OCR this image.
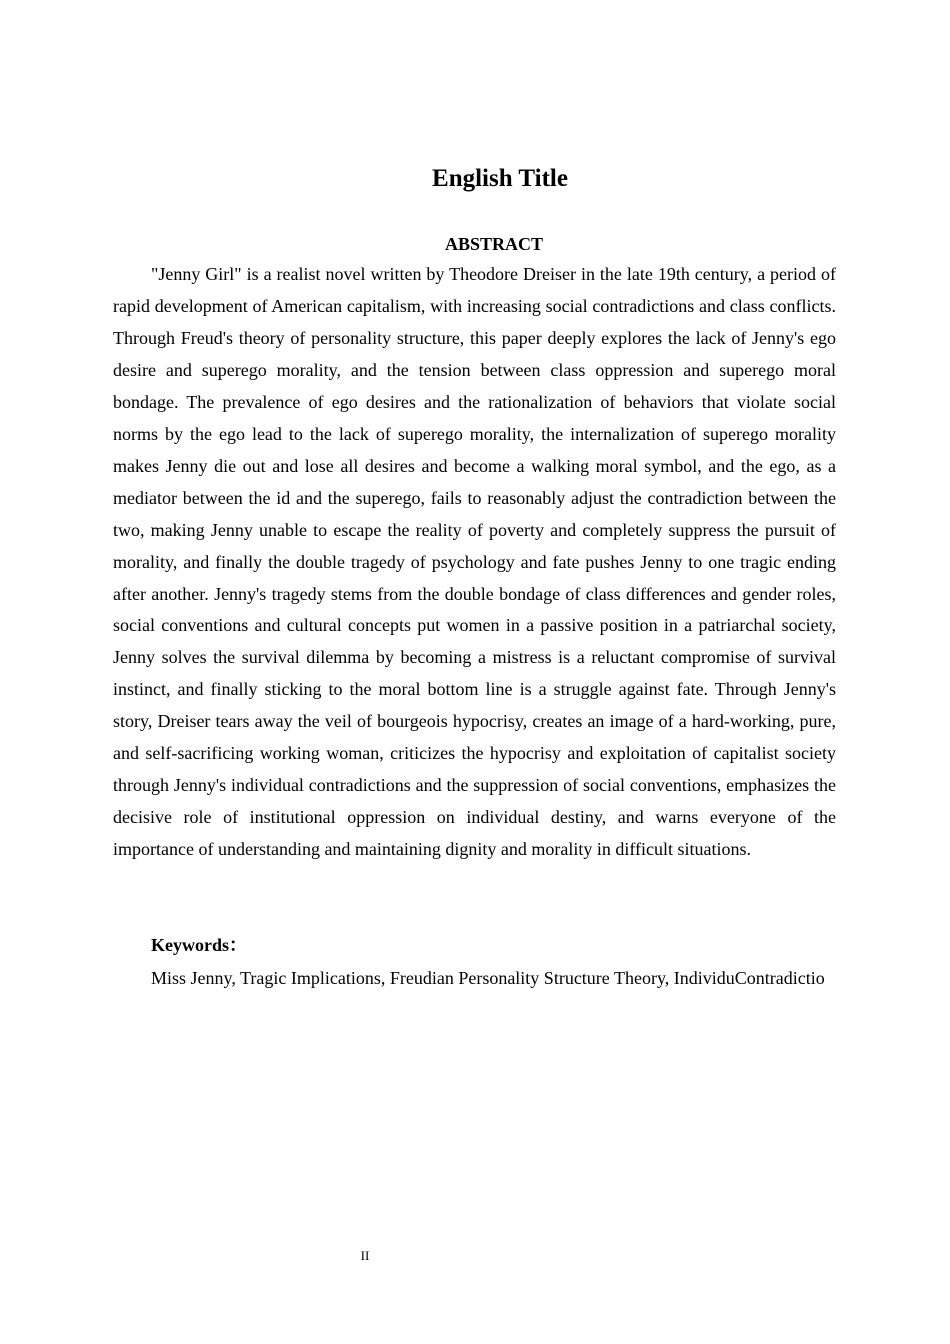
English Title
ABSTRACT

"Jenny Girl" is a realist novel written by Theodore Dreiser in the late 19th century, a period of rapid development of American capitalism, with increasing social contradictions and class conflicts. Through Freud's theory of personality structure, this paper deeply explores the lack of Jenny's ego desire and superego morality, and the tension between class oppression and superego moral bondage. The prevalence of ego desires and the rationalization of behaviors that violate social norms by the ego lead to the lack of superego morality, the internalization of superego morality makes Jenny die out and lose all desires and become a walking moral symbol, and the ego, as a mediator between the id and the superego, fails to reasonably adjust the contradiction between the two, making Jenny unable to escape the reality of poverty and completely suppress the pursuit of morality, and finally the double tragedy of psychology and fate pushes Jenny to one tragic ending after another. Jenny's tragedy stems from the double bondage of class differences and gender roles, social conventions and cultural concepts put women in a passive position in a patriarchal society, Jenny solves the survival dilemma by becoming a mistress is a reluctant compromise of survival instinct, and finally sticking to the moral bottom line is a struggle against fate. Through Jenny's story, Dreiser tears away the veil of bourgeois hypocrisy, creates an image of a hard-working, pure, and self-sacrificing working woman, criticizes the hypocrisy and exploitation of capitalist society through Jenny's individual contradictions and the suppression of social conventions, emphasizes the decisive role of institutional oppression on individual destiny, and warns everyone of the importance of understanding and maintaining dignity and morality in difficult situations.

Keywords：

Miss Jenny, Tragic Implications, Freudian Personality Structure Theory, IndividuContradictio

II
